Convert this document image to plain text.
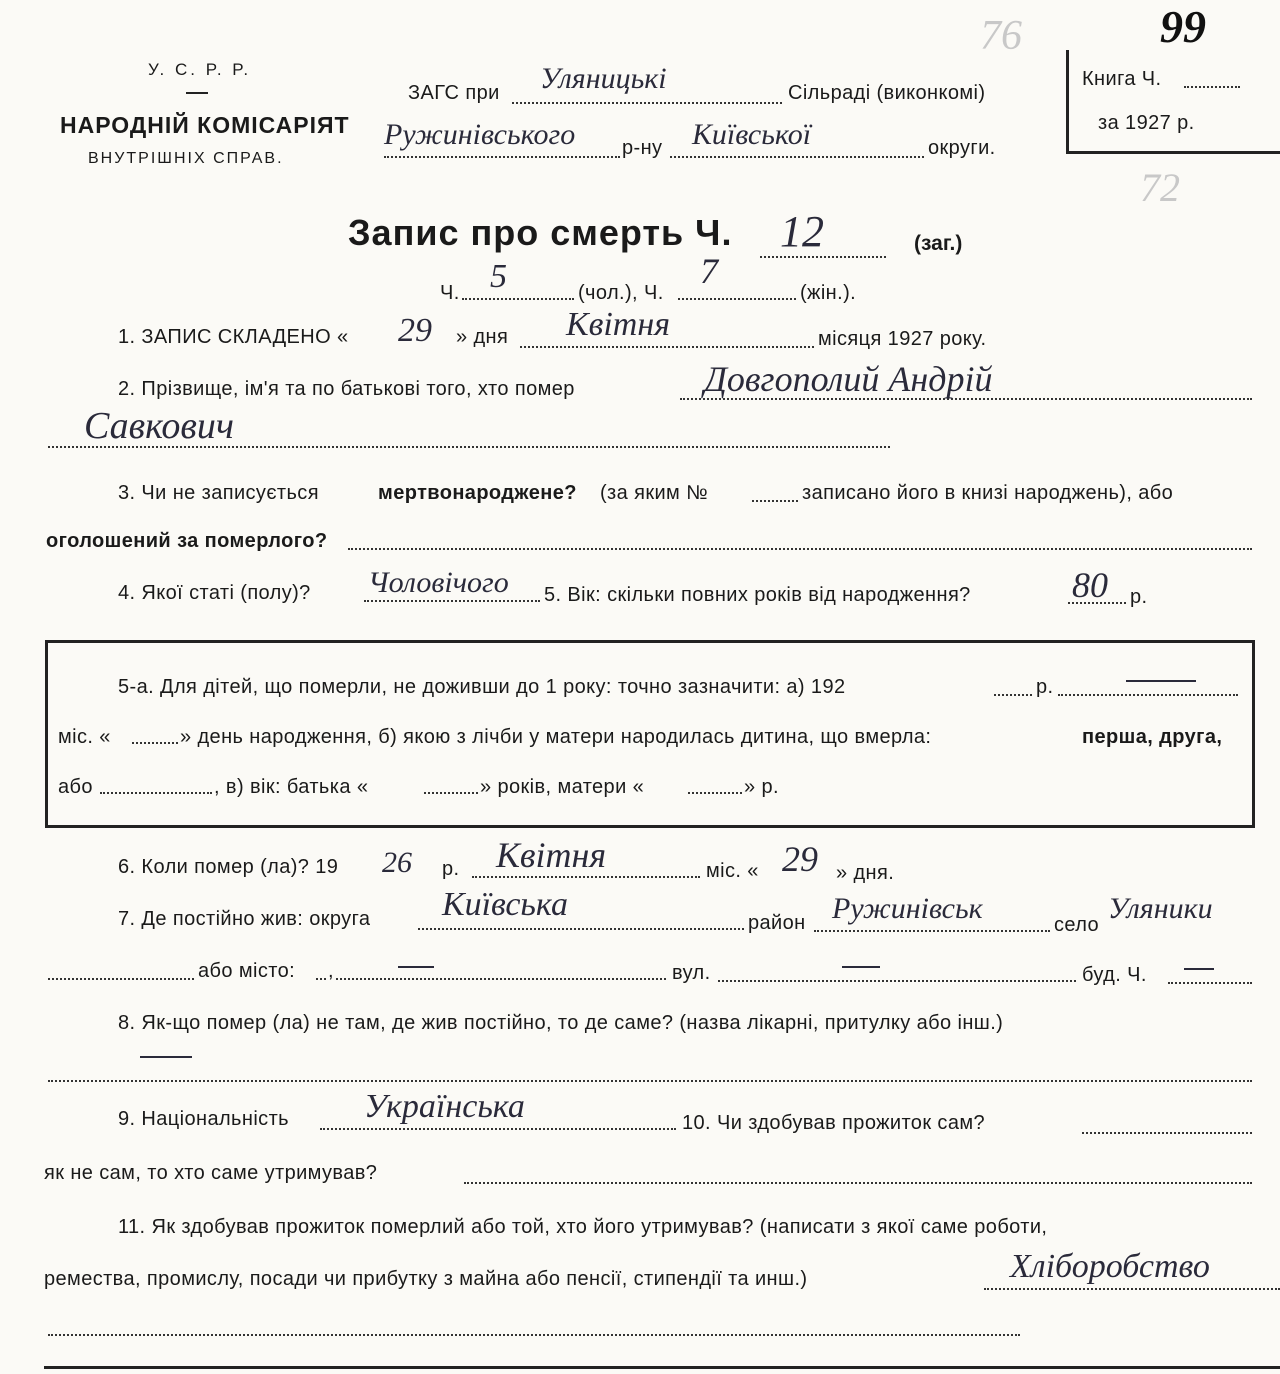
У. С. Р. Р.
НАРОДНІЙ КОМІСАРІЯТ
ВНУТРІШНІХ СПРАВ.
ЗАГС при Уляницькі	Сільраді (виконкомі)
Ружинівського р-ну Київської	округи.
Книга Ч.
за 1927 р.
99
76
72
Запис про смерть Ч. 12	(заг.)
Ч. 5	(чол.), Ч.
7
(жін.).
1. ЗАПИС СКЛАДЕНО « 29 » дня Квітня	місяця 1927 року.
2. Прізвище, ім'я та по батькові того, хто помер	Довгополий Андрій
Савкович
3. Чи не записується	мертвонароджене? (за яким №	записано його в книзі народжень), або
оголошений за померлого?
4. Якої статі (полу)? Чоловічого 5. Вік: скільки повних років від народження?	80 р.
5-а. Для дітей, що померли, не доживши до 1 року: точно зазначити: а) 192	р.
міс. «	» день народження, б) якою з лічби у матери народилась дитина, що вмерла:	перша, друга,
або	, в) вік: батька «	» років, матери «	» р.
6. Коли помер (ла)? 19 26 р. Квітня	міс. « 29 » дня.
7. Де постійно жив: округа Київська	район Ружинівськ	село Уляники
або місто: ,	вул.	буд. Ч.
8. Як-що помер (ла) не там, де жив постійно, то де саме? (назва лікарні, притулку або інш.)
9. Національність Українська	10. Чи здобував прожиток сам?
як не сам, то хто саме утримував?
11. Як здобував прожиток померлий або той, хто його утримував? (написати з якої саме роботи,
ремества, промислу, посади чи прибутку з майна або пенсії, стипендії та инш.)	Хліборобство
